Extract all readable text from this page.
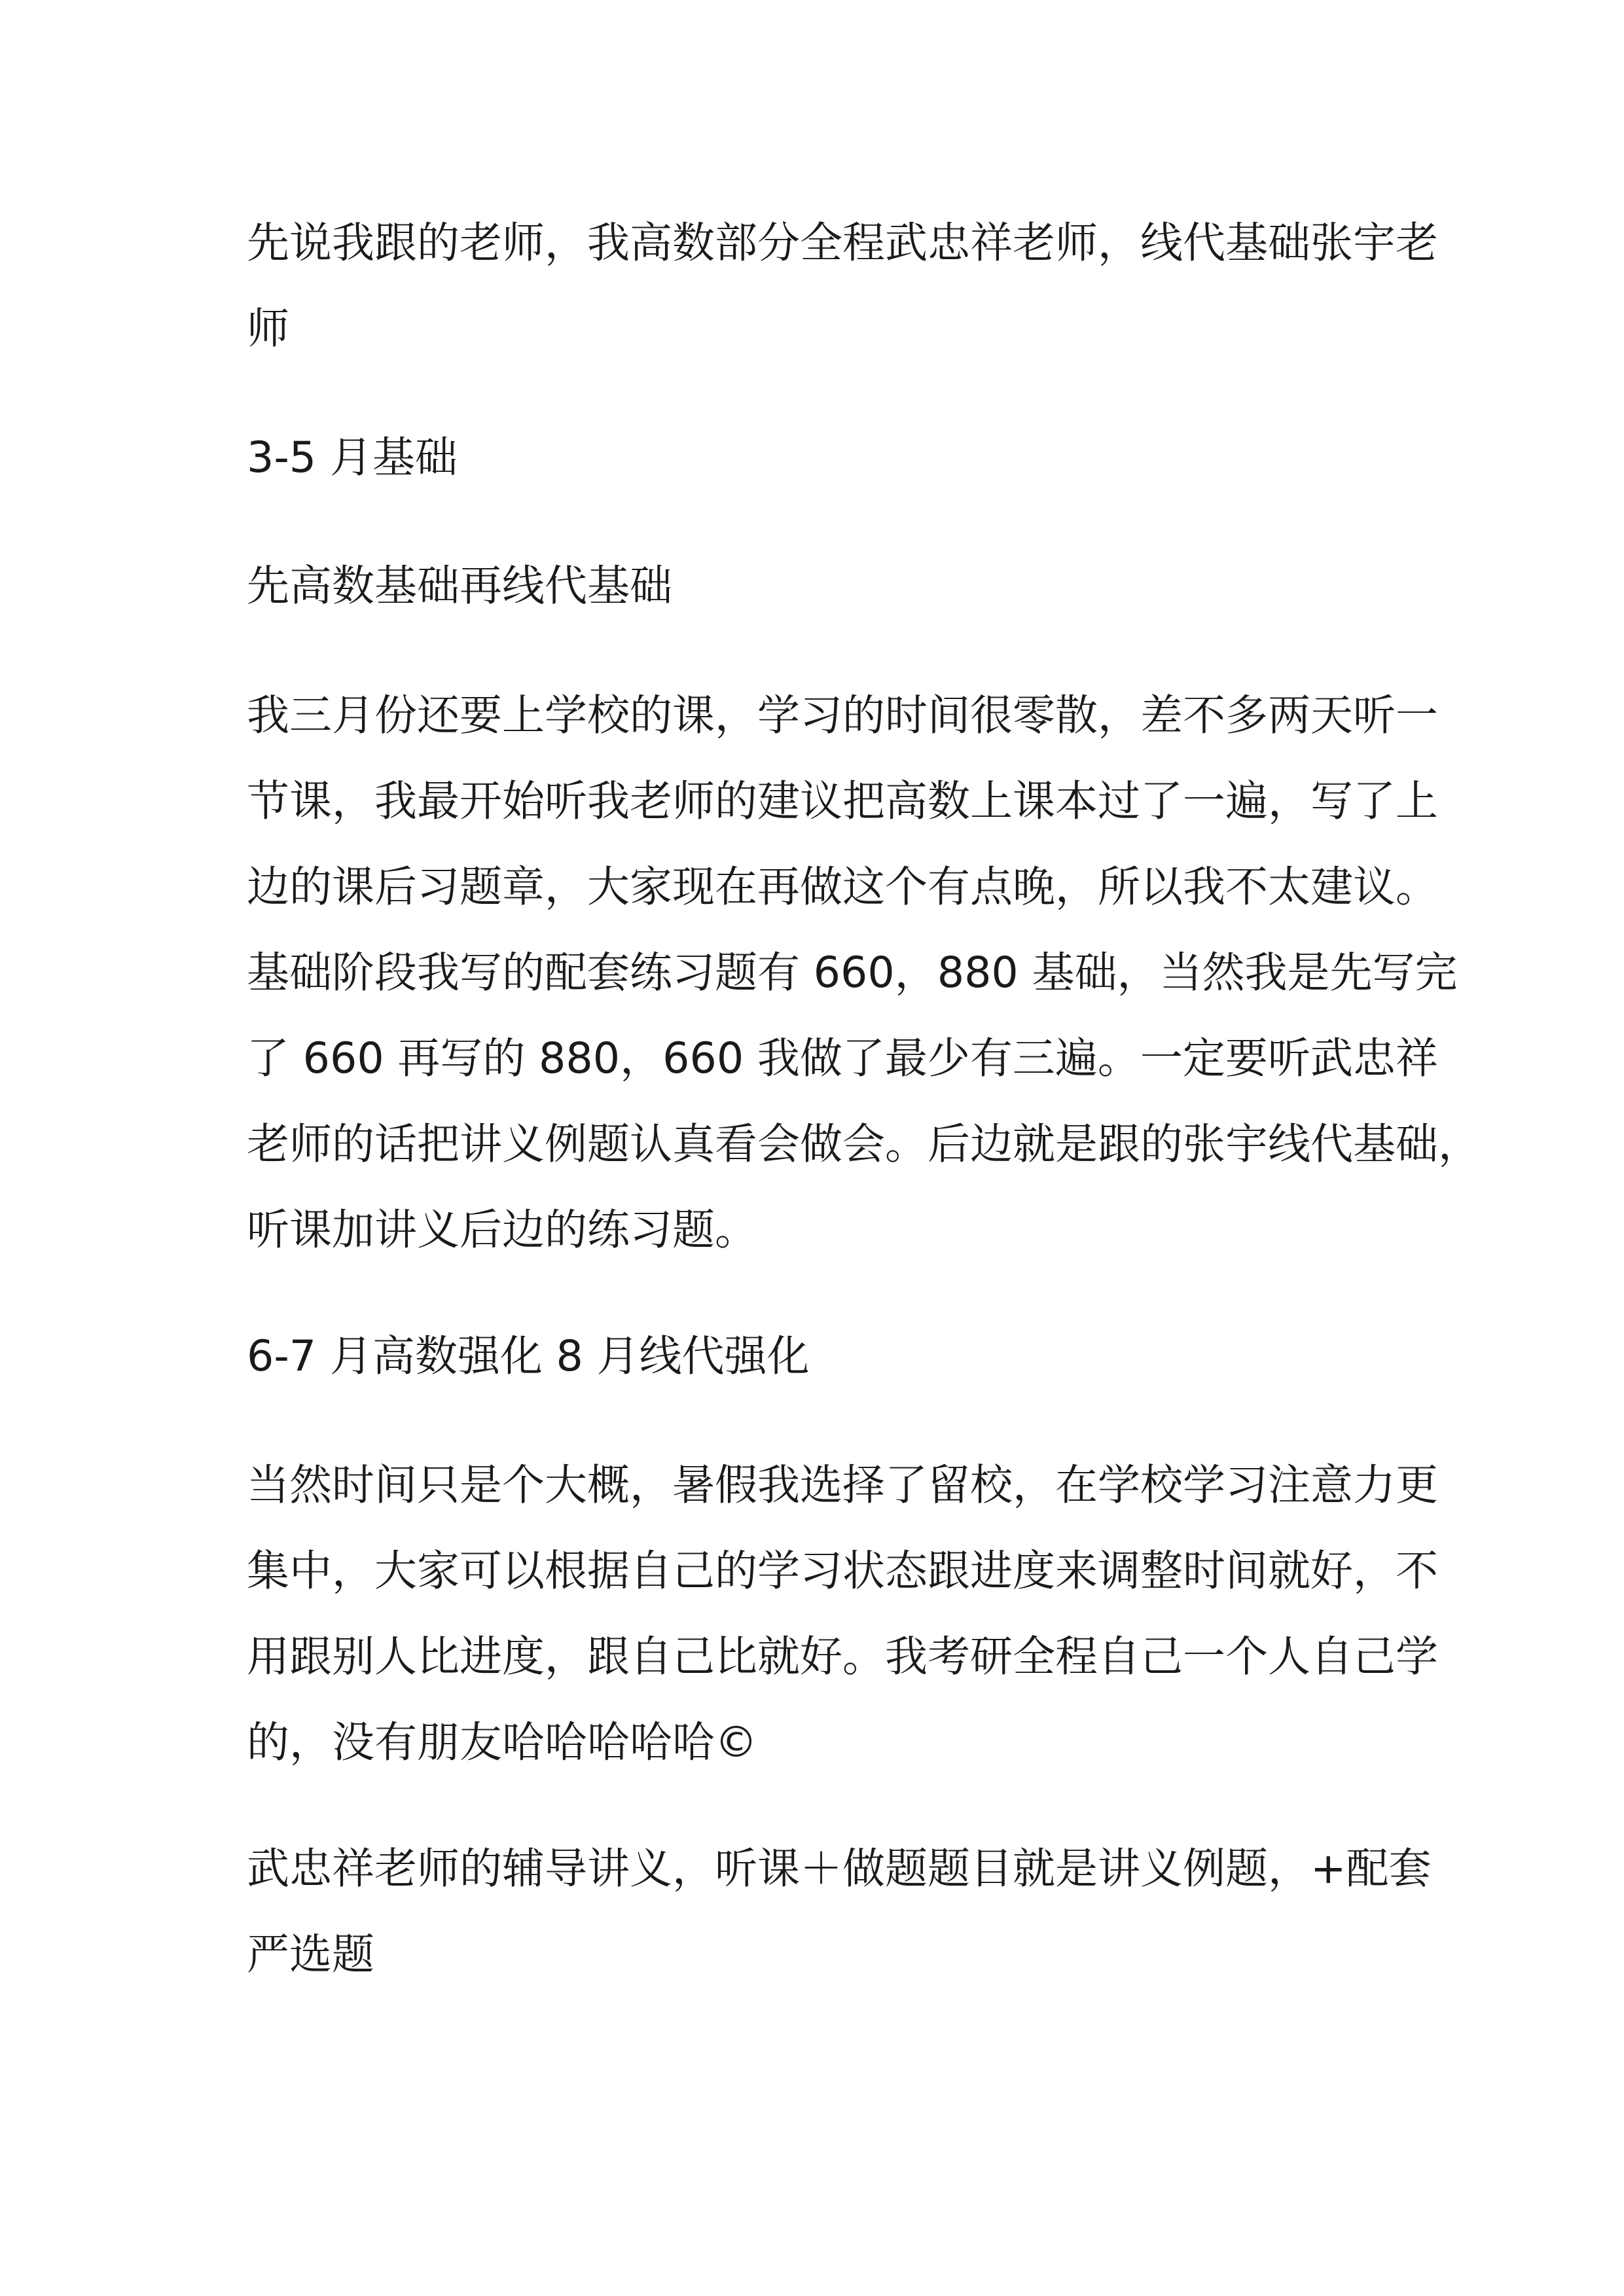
先说我跟的老师，我高数部分全程武忠祥老师，线代基础张宇老
师
3-5 月基础
先高数基础再线代基础
我三月份还要上学校的课，学习的时间很零散，差不多两天听一
节课，我最开始听我老师的建议把高数上课本过了一遍，写了上
边的课后习题章，大家现在再做这个有点晚，所以我不太建议。
基础阶段我写的配套练习题有 660，880 基础，当然我是先写完
了 660 再写的 880，660 我做了最少有三遍。一定要听武忠祥
老师的话把讲义例题认真看会做会。后边就是跟的张宇线代基础，
听课加讲义后边的练习题。
6-7 月高数强化 8 月线代强化
当然时间只是个大概，暑假我选择了留校，在学校学习注意力更
集中，大家可以根据自己的学习状态跟进度来调整时间就好，不
用跟别人比进度，跟自己比就好。我考研全程自己一个人自己学
的，没有朋友哈哈哈哈哈©
武忠祥老师的辅导讲义，听课＋做题题目就是讲义例题，+配套
严选题
